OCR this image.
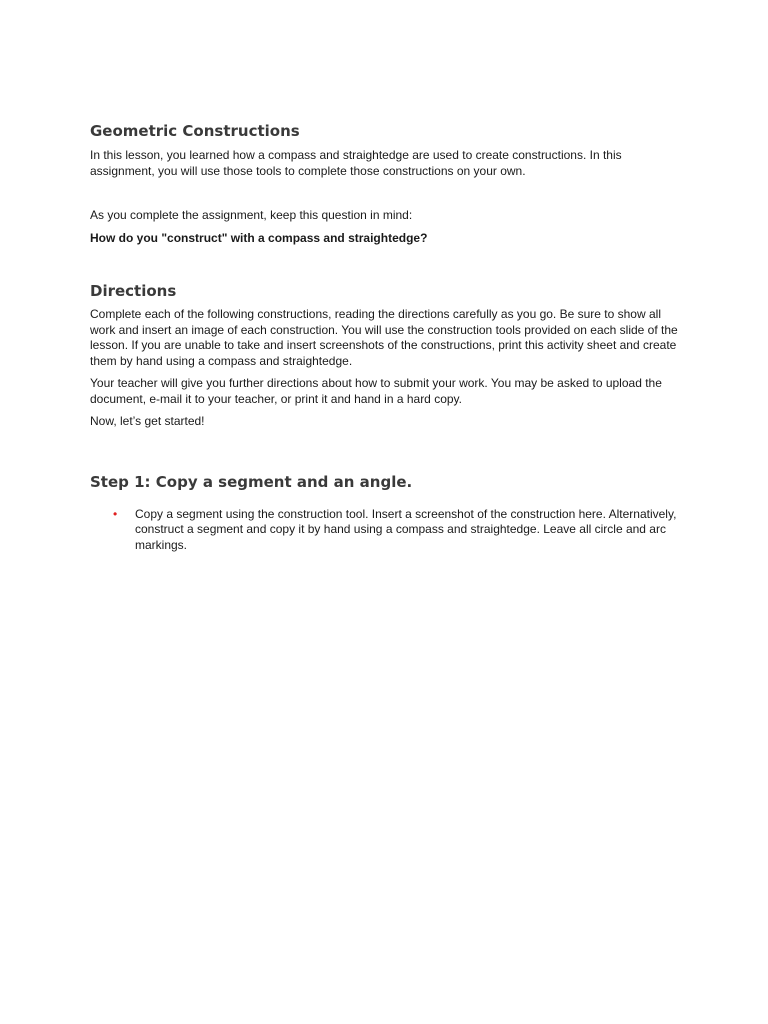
Geometric Constructions

In this lesson, you learned how a compass and straightedge are used to create constructions. In this assignment, you will use those tools to complete those constructions on your own.

As you complete the assignment, keep this question in mind:

How do you "construct" with a compass and straightedge?

Directions

Complete each of the following constructions, reading the directions carefully as you go. Be sure to show all work and insert an image of each construction. You will use the construction tools provided on each slide of the lesson. If you are unable to take and insert screenshots of the constructions, print this activity sheet and create them by hand using a compass and straightedge.

Your teacher will give you further directions about how to submit your work. You may be asked to upload the document, e-mail it to your teacher, or print it and hand in a hard copy.

Now, let’s get started!

Step 1: Copy a segment and an angle.
• Copy a segment using the construction tool. Insert a screenshot of the construction here. Alternatively, construct a segment and copy it by hand using a compass and straightedge. Leave all circle and arc markings.
